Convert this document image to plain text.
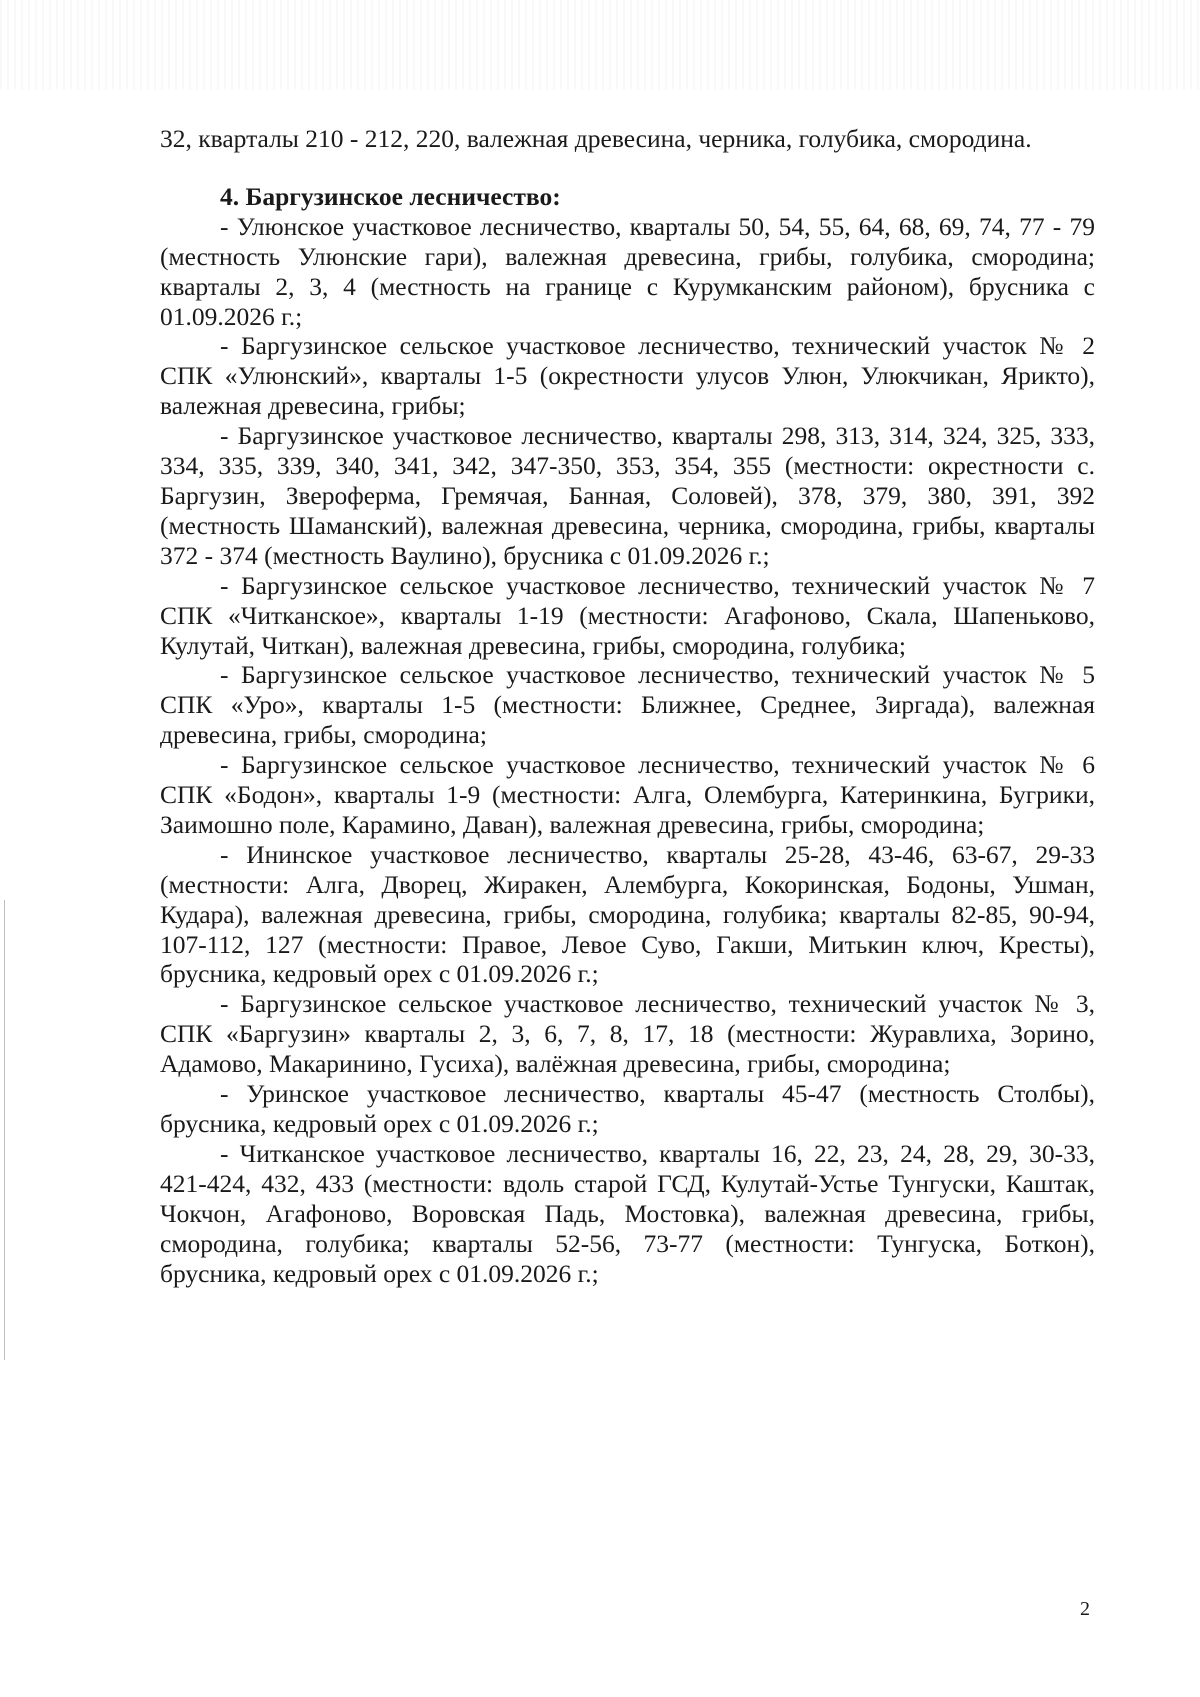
32, кварталы 210 - 212, 220, валежная древесина, черника, голубика, смородина.

4. Баргузинское лесничество:

- Улюнское участковое лесничество, кварталы 50, 54, 55, 64, 68, 69, 74, 77 - 79 (местность Улюнские гари), валежная древесина, грибы, голубика, смородина; кварталы 2, 3, 4 (местность на границе с Курумканским районом), брусника с 01.09.2026 г.;

- Баргузинское сельское участковое лесничество, технический участок № 2 СПК «Улюнский», кварталы 1-5 (окрестности улусов Улюн, Улюкчикан, Ярикто), валежная древесина, грибы;

- Баргузинское участковое лесничество, кварталы 298, 313, 314, 324, 325, 333, 334, 335, 339, 340, 341, 342, 347-350, 353, 354, 355 (местности: окрестности с. Баргузин, Звероферма, Гремячая, Банная, Соловей), 378, 379, 380, 391, 392 (местность Шаманский), валежная древесина, черника, смородина, грибы, кварталы 372 - 374 (местность Ваулино), брусника с 01.09.2026 г.;

- Баргузинское сельское участковое лесничество, технический участок № 7 СПК «Читканское», кварталы 1-19 (местности: Агафоново, Скала, Шапеньково, Кулутай, Читкан), валежная древесина, грибы, смородина, голубика;

- Баргузинское сельское участковое лесничество, технический участок № 5 СПК «Уро», кварталы 1-5 (местности: Ближнее, Среднее, Зиргада), валежная древесина, грибы, смородина;

- Баргузинское сельское участковое лесничество, технический участок № 6 СПК «Бодон», кварталы 1-9 (местности: Алга, Олембурга, Катеринкина, Бугрики, Заимошно поле, Карамино, Даван), валежная древесина, грибы, смородина;

- Ининское участковое лесничество, кварталы 25-28, 43-46, 63-67, 29-33 (местности: Алга, Дворец, Жиракен, Алембурга, Кокоринская, Бодоны, Ушман, Кудара), валежная древесина, грибы, смородина, голубика; кварталы 82-85, 90-94, 107-112, 127 (местности: Правое, Левое Суво, Гакши, Митькин ключ, Кресты), брусника, кедровый орех с 01.09.2026 г.;

- Баргузинское сельское участковое лесничество, технический участок № 3, СПК «Баргузин» кварталы 2, 3, 6, 7, 8, 17, 18 (местности: Журавлиха, Зорино, Адамово, Макаринино, Гусиха), валёжная древесина, грибы, смородина;

- Уринское участковое лесничество, кварталы 45-47 (местность Столбы), брусника, кедровый орех с 01.09.2026 г.;

- Читканское участковое лесничество, кварталы 16, 22, 23, 24, 28, 29, 30-33, 421-424, 432, 433 (местности: вдоль старой ГСД, Кулутай-Устье Тунгуски, Каштак, Чокчон, Агафоново, Воровская Падь, Мостовка), валежная древесина, грибы, смородина, голубика; кварталы 52-56, 73-77 (местности: Тунгуска, Боткон), брусника, кедровый орех с 01.09.2026 г.;

2
